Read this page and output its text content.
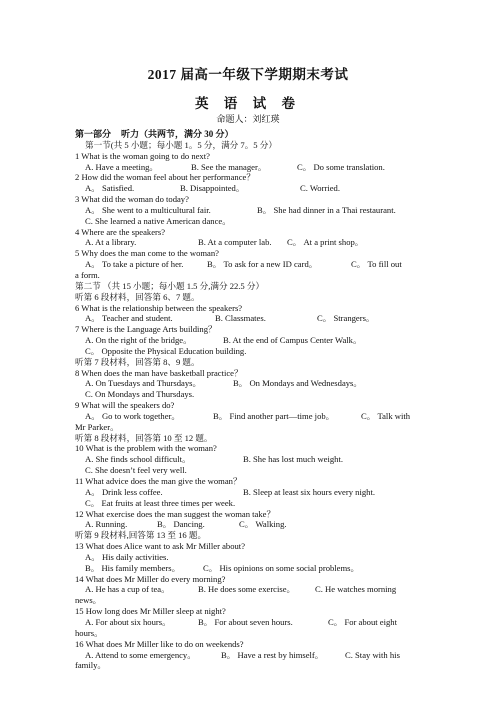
2017 届高一年级下学期期末考试
英 语 试 卷
命题人：刘红瑛
第一部分 听力（共两节，满分 30 分）
第一节(共 5 小题；每小题 1。5 分，满分 7。5 分）
1 What is the woman going to do next?
A. Have a meeting。	B. See the manager。	C。 Do some translation.
2 How did the woman feel about her performance？
A。 Satisfied.	B. Disappointed。	C. Worried.
3 What did the woman do today?
A。 She went to a multicultural fair.	B。 She had dinner in a Thai restaurant.
C. She learned a native American dance。
4 Where are the speakers?
A. At a library.	B. At a computer lab. C。 At a print shop。
5 Why does the man come to the woman?
A。 To take a picture of her.	B。 To ask for a new ID card。	C。 To fill out
a form.
第二节 （共 15 小题；每小题 1.5 分,满分 22.5 分）
听第 6 段材料，回答第 6、7 题。
6 What is the relationship between the speakers?
A。 Teacher and student.	B. Classmates.	C。 Strangers。
7 Where is the Language Arts building？
A. On the right of the bridge。	B. At the end of Campus Center Walk。
C。 Opposite the Physical Education building.
听第 7 段材料，回答第 8、9 题。
8 When does the man have basketball practice？
A. On Tuesdays and Thursdays。	B。 On Mondays and Wednesdays。
C. On Mondays and Thursdays.
9 What will the speakers do?
A。 Go to work together。	B。 Find another part—time job。	C。 Talk with
Mr Parker。
听第 8 段材料，回答第 10 至 12 题。
10 What is the problem with the woman?
A. She finds school difficult。	B. She has lost much weight.
C. She doesn’t feel very well.
11 What advice does the man give the woman？
A。 Drink less coffee.	B. Sleep at least six hours every night.
C。 Eat fruits at least three times per week.
12 What exercise does the man suggest the woman take？
A. Running.	B。 Dancing.	C。 Walking.
听第 9 段材料,回答第 13 至 16 题。
13 What does Alice want to ask Mr Miller about?
A。 His daily activities.
B。 His family members。	C。 His opinions on some social problems。
14 What does Mr Miller do every morning?
A. He has a cup of tea。	B. He does some exercise。 C. He watches morning
news。
15 How long does Mr Miller sleep at night?
A. For about six hours。	B。 For about seven hours.	C。 For about eight
hours。
16 What does Mr Miller like to do on weekends?
A. Attend to some emergency。	B。 Have a rest by himself。	C. Stay with his
family。
